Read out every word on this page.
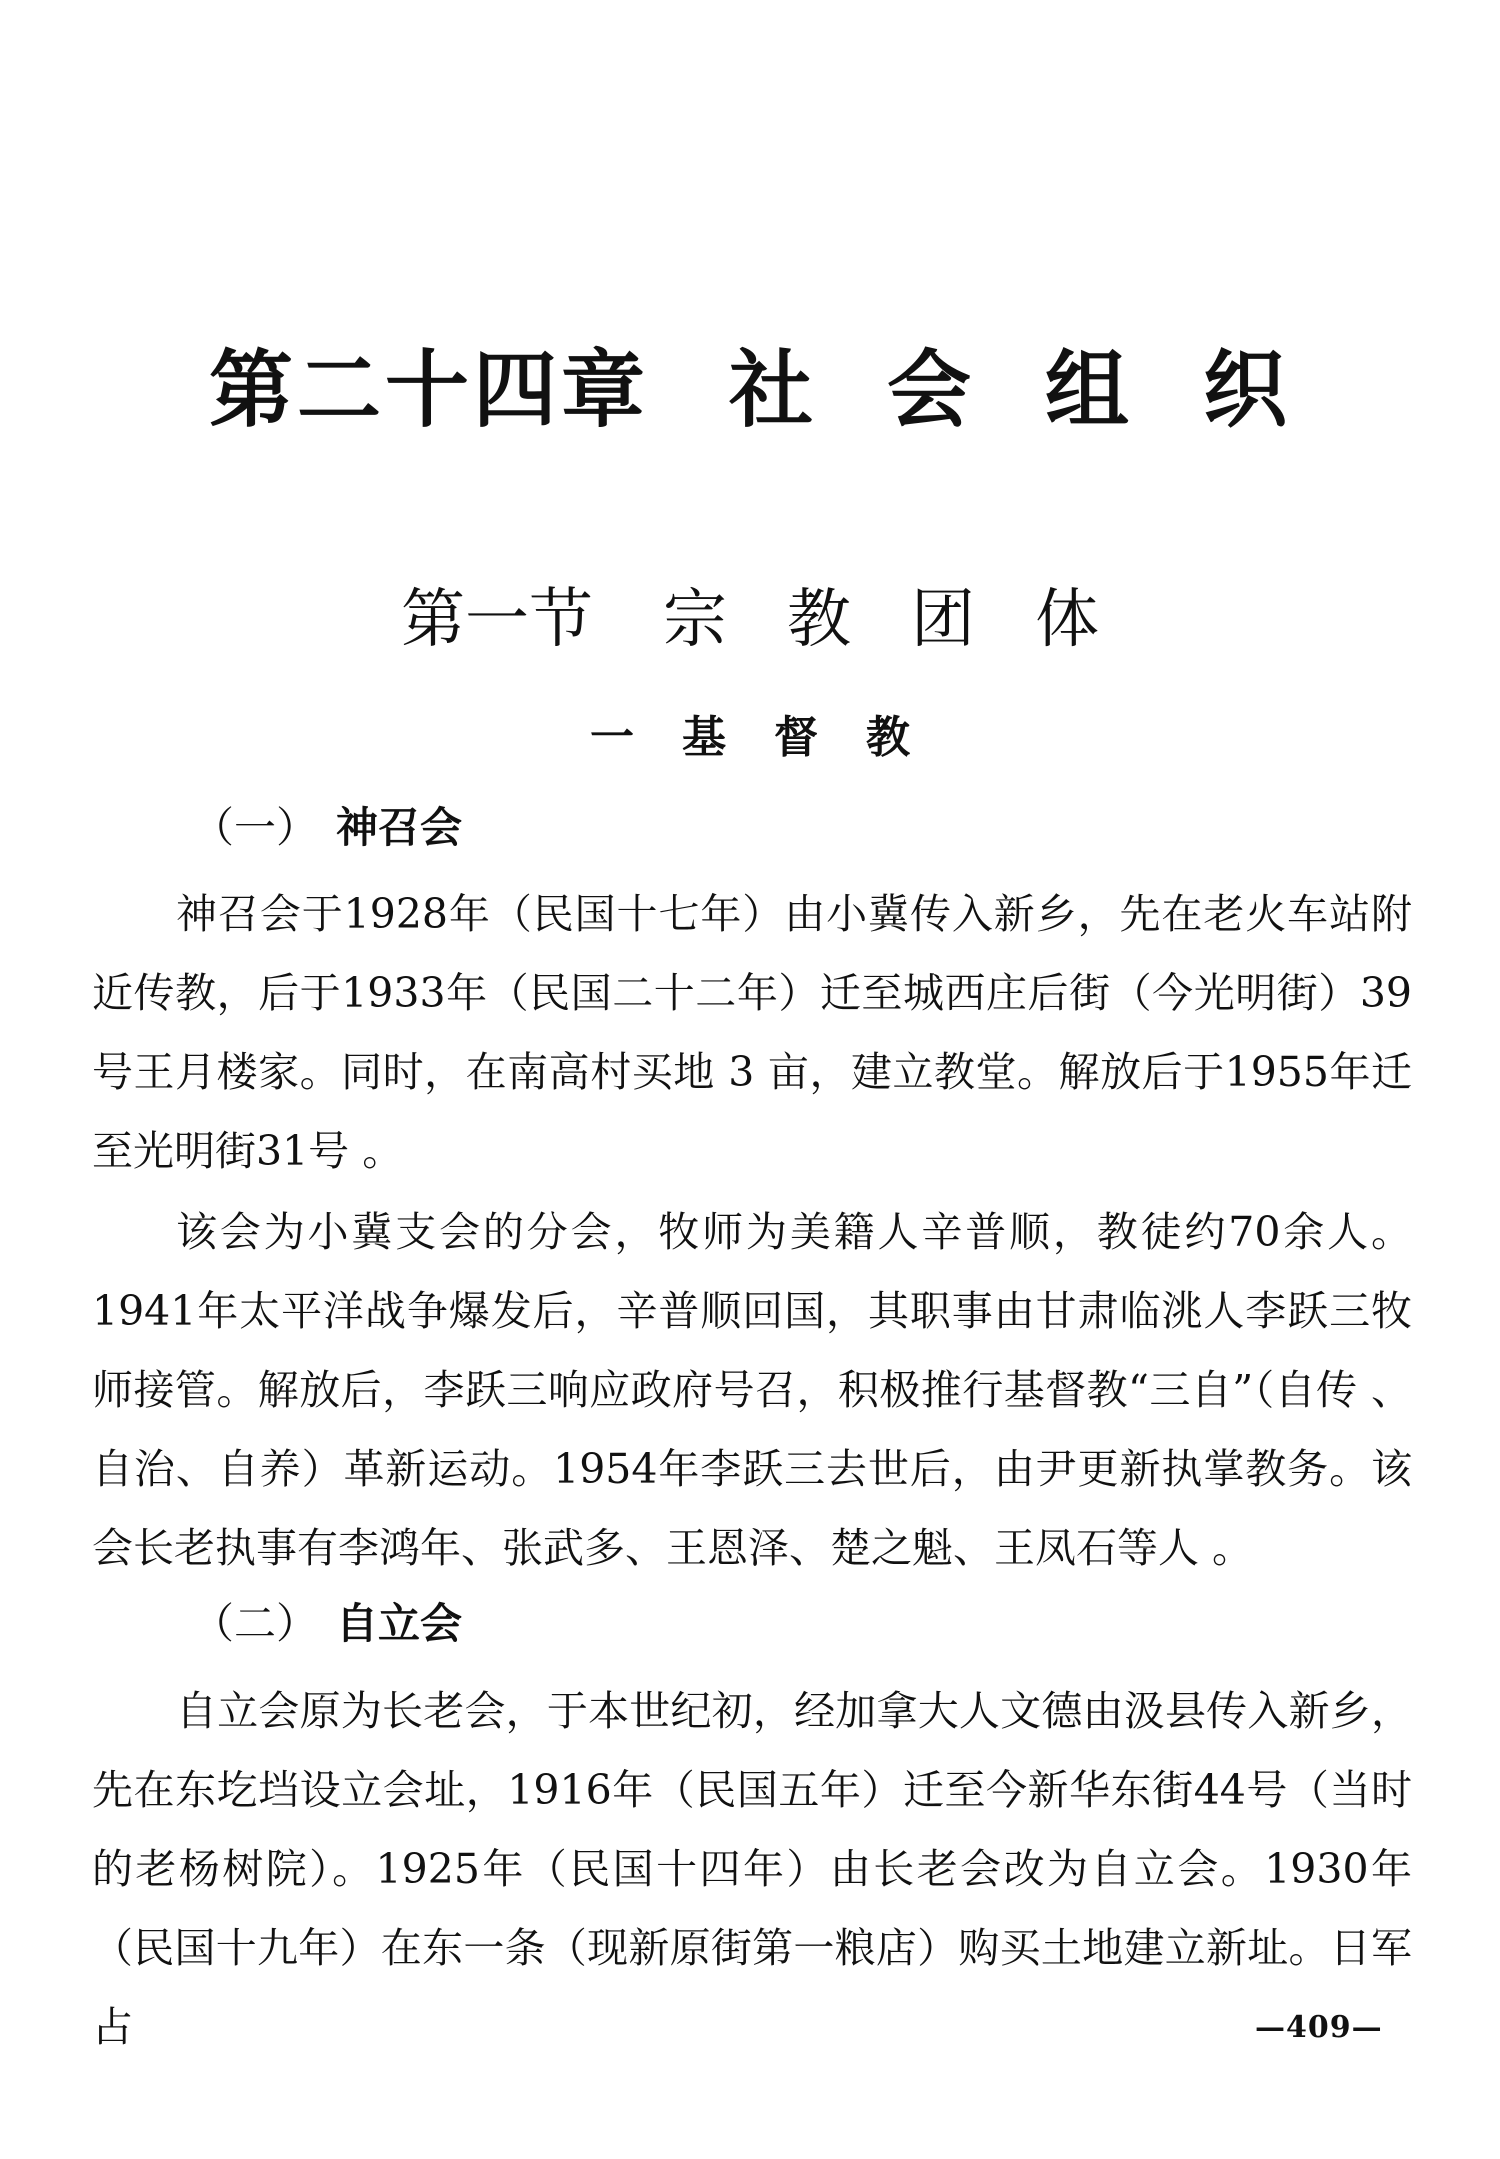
第二十四章 社 会 组 织
第一节 宗 教 团 体
一 基 督 教
（一） 神召会

神召会于1928年（民国十七年）由小冀传入新乡，先在老火车站附近传教，后于1933年（民国二十二年）迁至城西庄后街（今光明街）39号王月楼家。同时，在南高村买地 3 亩，建立教堂。解放后于1955年迁至光明街31号 。

该会为小冀支会的分会，牧师为美籍人辛普顺，教徒约70余人。1941年太平洋战争爆发后，辛普顺回国，其职事由甘肃临洮人李跃三牧师接管。解放后，李跃三响应政府号召，积极推行基督教“三自”（自传 、自治、自养）革新运动。1954年李跃三去世后，由尹更新执掌教务。该会长老执事有李鸿年、张武多、王恩泽、楚之魁、王凤石等人 。

（二） 自立会

自立会原为长老会，于本世纪初，经加拿大人文德由汲县传入新乡，先在东圪垱设立会址，1916年（民国五年）迁至今新华东街44号（当时的老杨树院）。1925年（民国十四年）由长老会改为自立会。1930年（民国十九年）在东一条（现新原街第一粮店）购买土地建立新址。日军占	—409—
